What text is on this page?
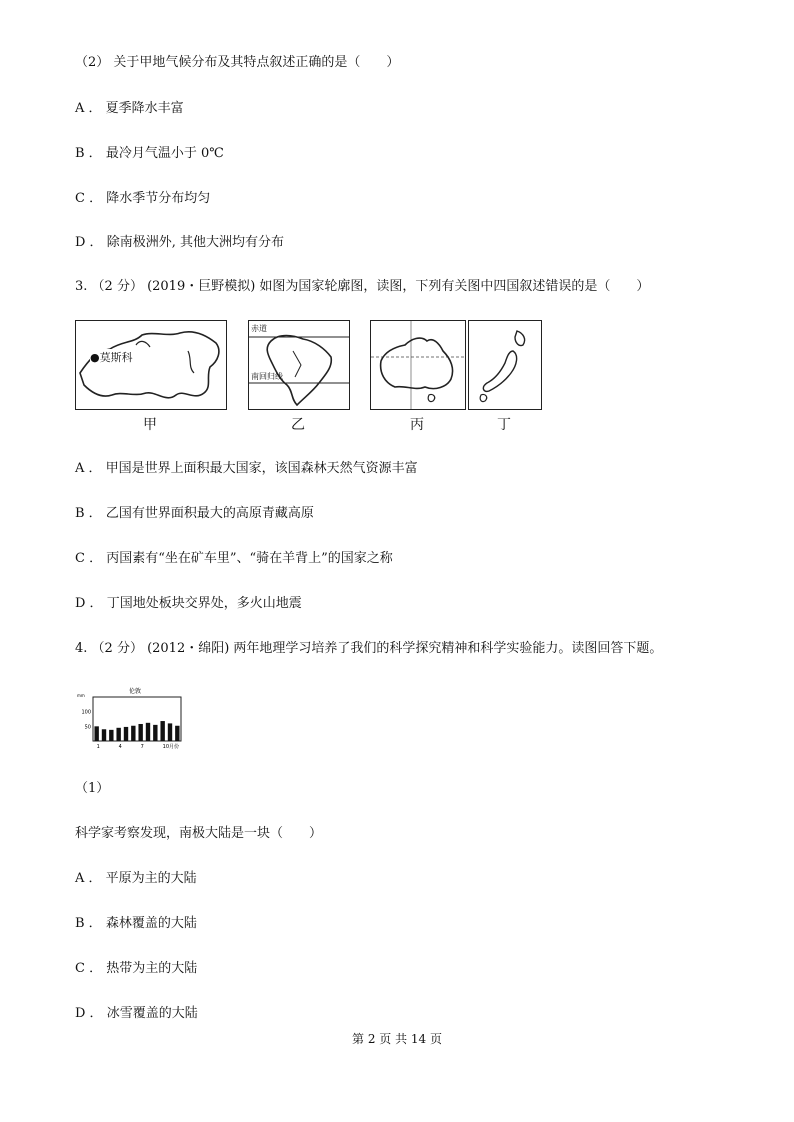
（2） 关于甲地气候分布及其特点叙述正确的是（　　）
A ． 夏季降水丰富
B ． 最冷月气温小于 0℃
C ． 降水季节分布均匀
D ． 除南极洲外, 其他大洲均有分布
3. （2 分） (2019・巨野模拟) 如图为国家轮廓图，读图，下列有关图中四国叙述错误的是（　　）
●莫斯科
赤道
南回归线
甲	乙	丙	丁
A ． 甲国是世界上面积最大国家，该国森林天然气资源丰富
B ． 乙国有世界面积最大的高原青藏高原
C ． 丙国素有“坐在矿车里”、“骑在羊背上”的国家之称
D ． 丁国地处板块交界处，多火山地震
4. （2 分） (2012・绵阳) 两年地理学习培养了我们的科学探究精神和科学实验能力。读图回答下题。
伦敦
mm
100
50
1	4	7	10月份
（1）
科学家考察发现，南极大陆是一块（　　）
A ． 平原为主的大陆
B ． 森林覆盖的大陆
C ． 热带为主的大陆
D ． 冰雪覆盖的大陆
第 2 页 共 14 页
